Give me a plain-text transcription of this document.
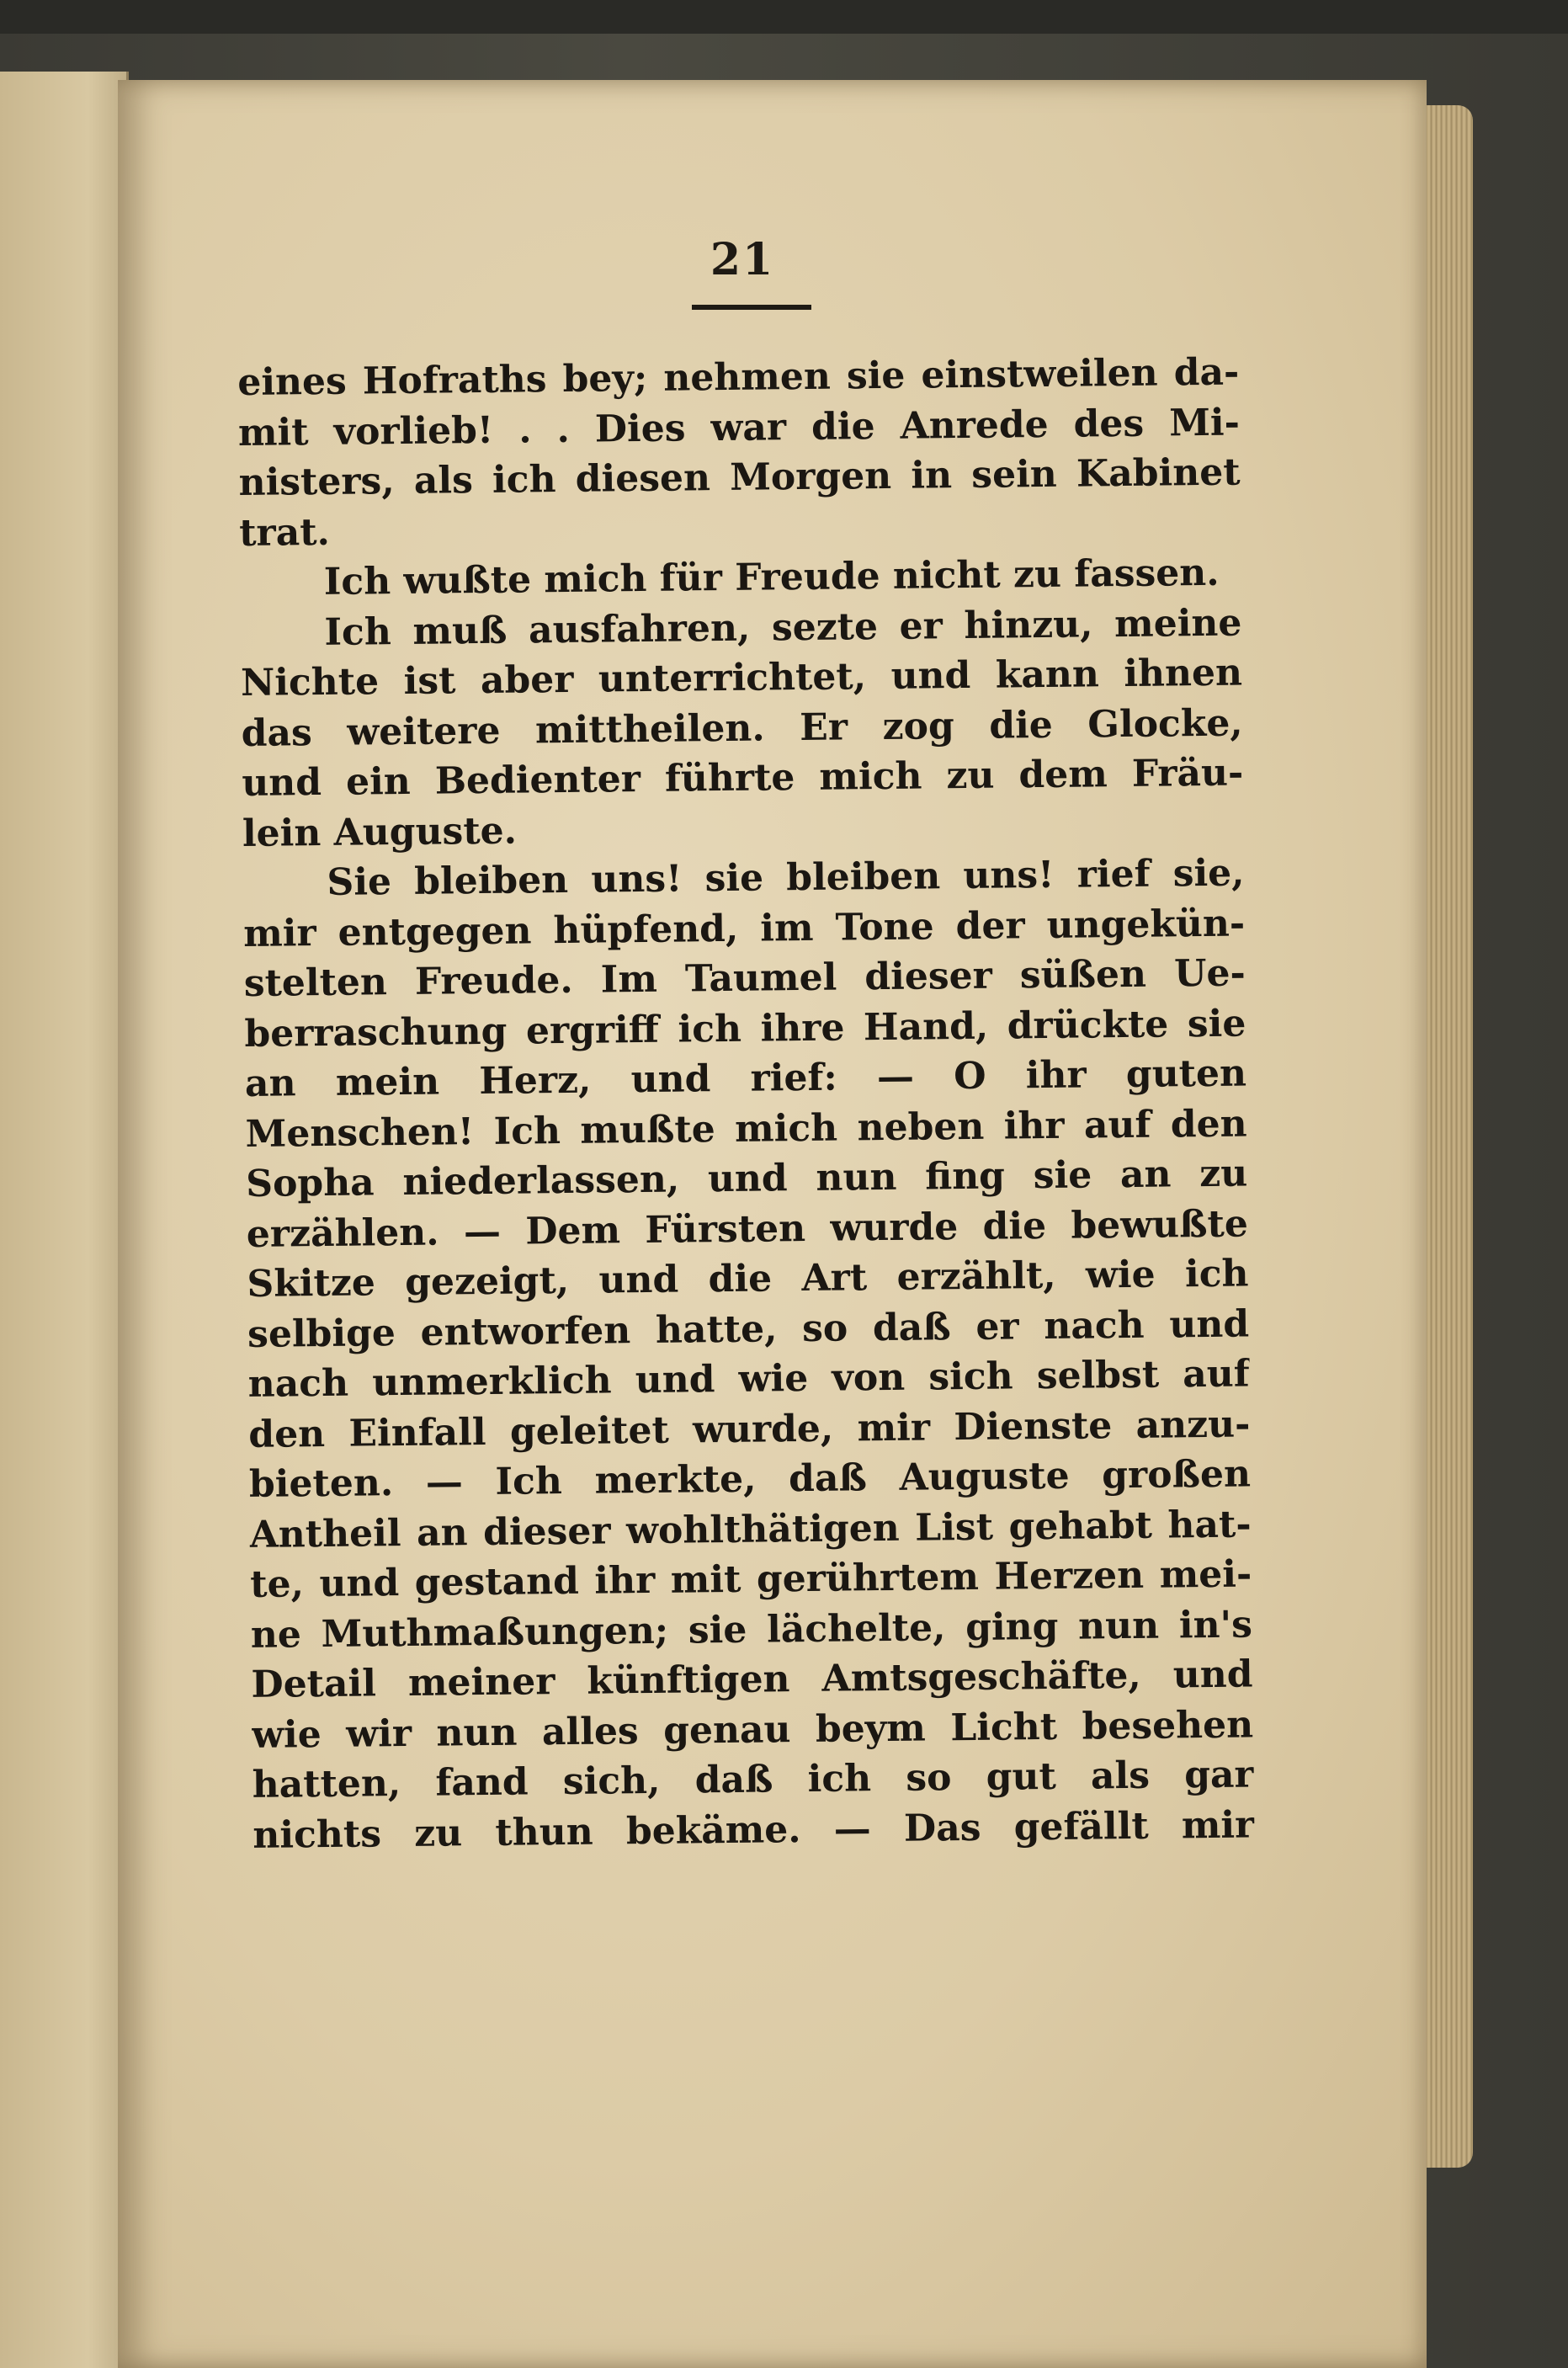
21
eines Hofraths bey; nehmen sie einstweilen da-
mit vorlieb! . . Dies war die Anrede des Mi-
nisters, als ich diesen Morgen in sein Kabinet
trat.
Ich wußte mich für Freude nicht zu fassen.
Ich muß ausfahren, sezte er hinzu, meine
Nichte ist aber unterrichtet, und kann ihnen
das weitere mittheilen. Er zog die Glocke,
und ein Bedienter führte mich zu dem Fräu-
lein Auguste.
Sie bleiben uns! sie bleiben uns! rief sie,
mir entgegen hüpfend, im Tone der ungekün-
stelten Freude. Im Taumel dieser süßen Ue-
berraschung ergriff ich ihre Hand, drückte sie
an mein Herz, und rief: — O ihr guten
Menschen! Ich mußte mich neben ihr auf den
Sopha niederlassen, und nun fing sie an zu
erzählen. — Dem Fürsten wurde die bewußte
Skitze gezeigt, und die Art erzählt, wie ich
selbige entworfen hatte, so daß er nach und
nach unmerklich und wie von sich selbst auf
den Einfall geleitet wurde, mir Dienste anzu-
bieten. — Ich merkte, daß Auguste großen
Antheil an dieser wohlthätigen List gehabt hat-
te, und gestand ihr mit gerührtem Herzen mei-
ne Muthmaßungen; sie lächelte, ging nun in's
Detail meiner künftigen Amtsgeschäfte, und
wie wir nun alles genau beym Licht besehen
hatten, fand sich, daß ich so gut als gar
nichts zu thun bekäme. — Das gefällt mir
